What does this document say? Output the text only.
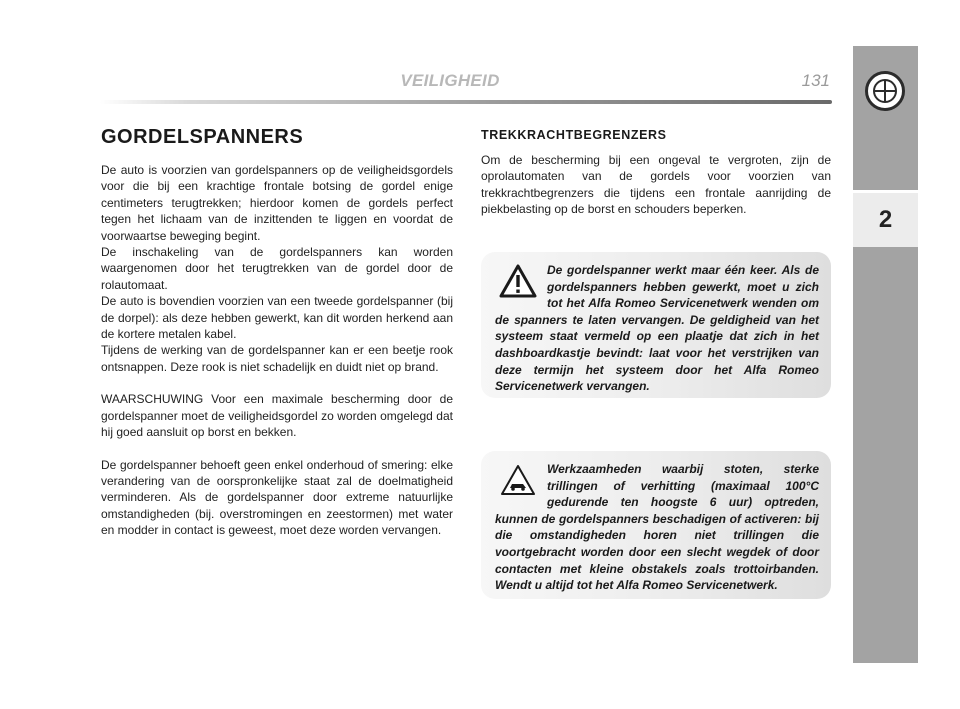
VEILIGHEID	131
2
GORDELSPANNERS

De auto is voorzien van gordelspanners op de veiligheidsgordels voor die bij een krachtige frontale botsing de gordel enige centimeters terugtrekken; hierdoor komen de gordels perfect tegen het lichaam van de inzittenden te liggen en voordat de voorwaartse beweging begint.

De inschakeling van de gordelspanners kan worden waargenomen door het terugtrekken van de gordel door de rolautomaat.

De auto is bovendien voorzien van een tweede gordelspanner (bij de dorpel): als deze hebben gewerkt, kan dit worden herkend aan de kortere metalen kabel.

Tijdens de werking van de gordelspanner kan er een beetje rook ontsnappen. Deze rook is niet schadelijk en duidt niet op brand.

WAARSCHUWING Voor een maximale bescherming door de gordelspanner moet de veiligheidsgordel zo worden omgelegd dat hij goed aansluit op borst en bekken.

De gordelspanner behoeft geen enkel onderhoud of smering: elke verandering van de oorspronkelijke staat zal de doelmatigheid verminderen. Als de gordelspanner door extreme natuurlijke omstandigheden (bij. overstromingen en zeestormen) met water en modder in contact is geweest, moet deze worden vervangen.

TREKKRACHTBEGRENZERS

Om de bescherming bij een ongeval te vergroten, zijn de oprolautomaten van de gordels voor voorzien van trekkrachtbegrenzers die tijdens een frontale aanrijding de piekbelasting op de borst en schouders beperken.

De gordelspanner werkt maar één keer. Als de gordelspanners hebben gewerkt, moet u zich tot het Alfa Romeo Servicenetwerk wenden om de spanners te laten vervangen. De geldigheid van het systeem staat vermeld op een plaatje dat zich in het dashboardkastje bevindt: laat voor het verstrijken van deze termijn het systeem door het Alfa Romeo Servicenetwerk vervangen.
Werkzaamheden waarbij stoten, sterke trillingen of verhitting (maximaal 100°C gedurende ten hoogste 6 uur) optreden, kunnen de gordelspanners beschadigen of activeren: bij die omstandigheden horen niet trillingen die voortgebracht worden door een slecht wegdek of door contacten met kleine obstakels zoals trottoirbanden. Wendt u altijd tot het Alfa Romeo Servicenetwerk.
